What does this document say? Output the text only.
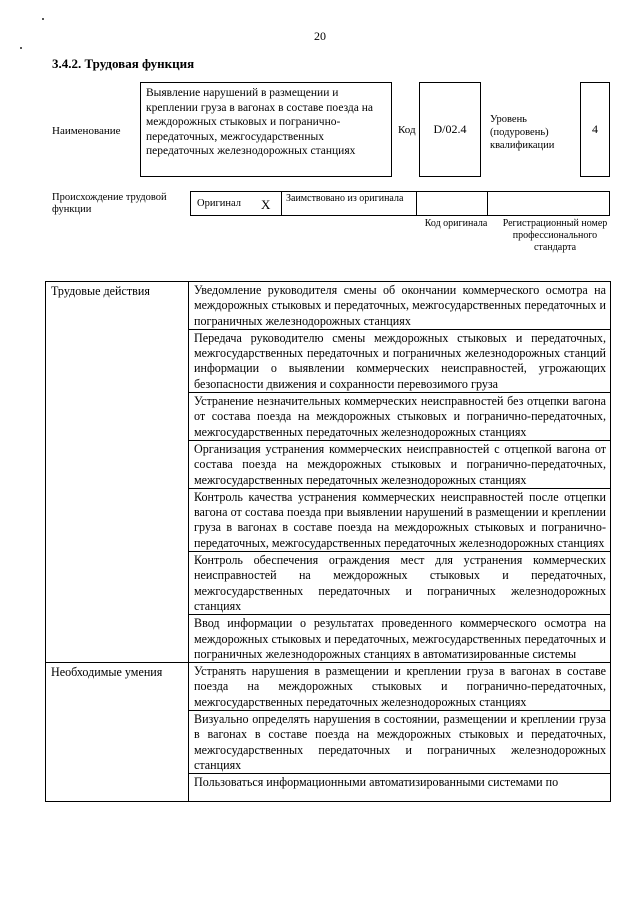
20
3.4.2. Трудовая функция
Наименование
Выявление нарушений в размещении и креплении груза в вагонах в составе поезда на междорожных стыковых и пограничнo-передаточных, межгосударственных передаточных железнодорожных станциях
Код	D/02.4
Уровень (подуровень) квалификации
4
Происхождение трудовой функции
Оригинал X	Заимствовано из оригинала
Код оригинала	Регистрационный номер профессионального стандарта
Трудовые действия	Уведомление руководителя смены об окончании коммерческого осмотра на междорожных стыковых и передаточных, межгосударственных передаточных и пограничных железнодорожных станциях
	Передача руководителю смены междорожных стыковых и передаточных, межгосударственных передаточных и пограничных железнодорожных станций информации о выявлении коммерческих неисправностей, угрожающих безопасности движения и сохранности перевозимого груза
	Устранение незначительных коммерческих неисправностей без отцепки вагона от состава поезда на междорожных стыковых и погранично-передаточных, межгосударственных передаточных железнодорожных станциях
	Организация устранения коммерческих неисправностей с отцепкой вагона от состава поезда на междорожных стыковых и погранично-передаточных, межгосударственных передаточных железнодорожных станциях
	Контроль качества устранения коммерческих неисправностей после отцепки вагона от состава поезда при выявлении нарушений в размещении и креплении груза в вагонах в составе поезда на междорожных стыковых и погранично-передаточных, межгосударственных передаточных железнодорожных станциях
	Контроль обеспечения ограждения мест для устранения коммерческих неисправностей на междорожных стыковых и передаточных, межгосударственных передаточных и пограничных железнодорожных станциях
	Ввод информации о результатах проведенного коммерческого осмотра на междорожных стыковых и передаточных, межгосударственных передаточных и пограничных железнодорожных станциях в автоматизированные системы
Необходимые умения	Устранять нарушения в размещении и креплении груза в вагонах в составе поезда на междорожных стыковых и погранично-передаточных, межгосударственных передаточных железнодорожных станциях
	Визуально определять нарушения в состоянии, размещении и креплении груза в вагонах в составе поезда на междорожных стыковых и передаточных, межгосударственных передаточных и пограничных железнодорожных станциях
	Пользоваться информационными автоматизированными системами по
